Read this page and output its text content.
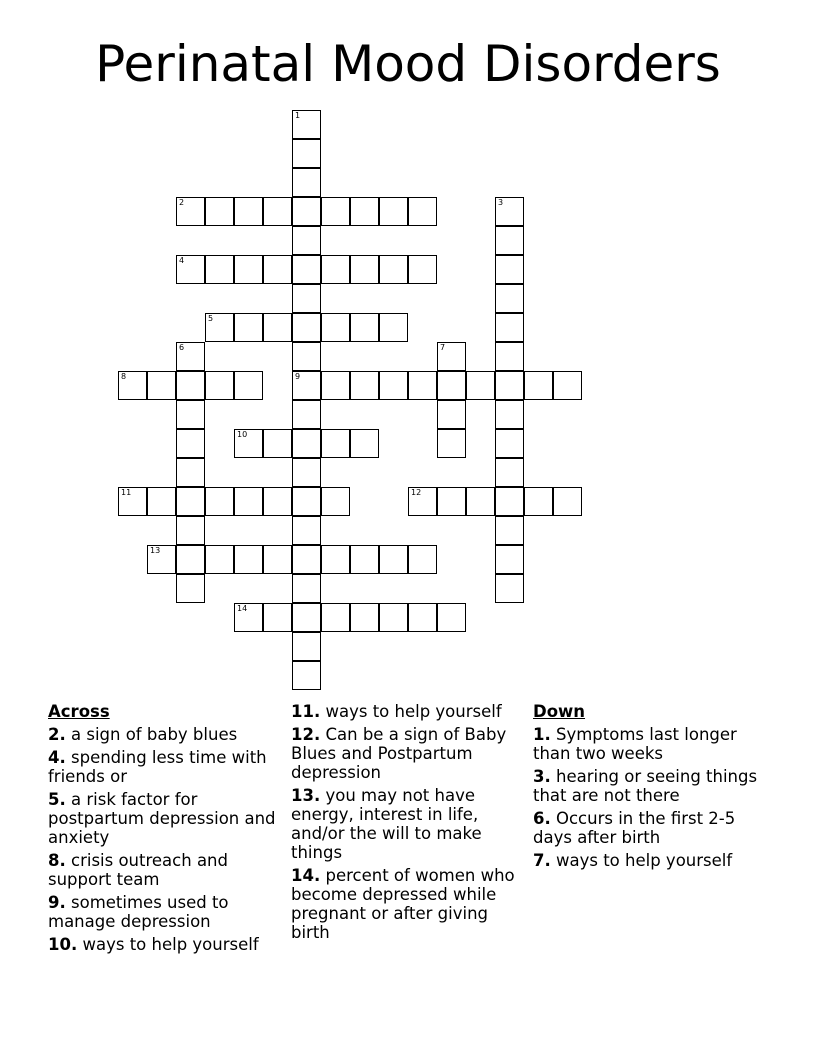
Perinatal Mood Disorders
1
9
2	3
4
5
6	7
8
10
11	12
13
14
Across
2. a sign of baby blues
4. spending less time with friends or
5. a risk factor for postpartum depression and anxiety
8. crisis outreach and support team
9. sometimes used to manage depression
10. ways to help yourself
11. ways to help yourself
12. Can be a sign of Baby Blues and Postpartum depression
13. you may not have energy, interest in life, and/or the will to make things
14. percent of women who become depressed while pregnant or after giving birth
Down
1. Symptoms last longer than two weeks
3. hearing or seeing things that are not there
6. Occurs in the first 2-5 days after birth
7. ways to help yourself
